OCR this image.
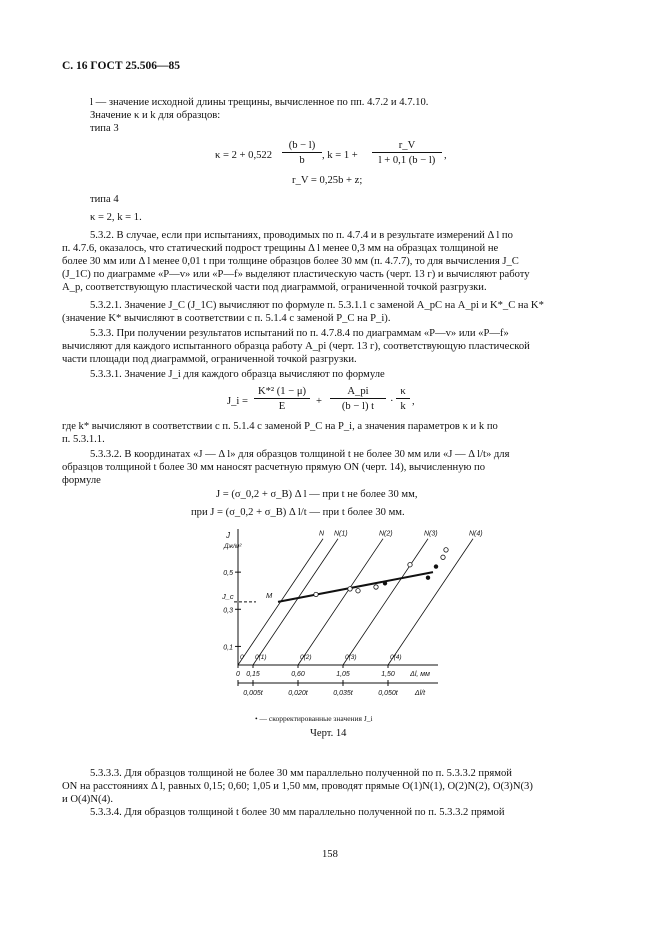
С. 16 ГОСТ 25.506—85
l — значение исходной длины трещины, вычисленное по пп. 4.7.2 и 4.7.10.
Значение κ и k для образцов:
типа 3
κ = 2 + 0,522
(b − l)
b	, k = 1 +
r_V
l + 0,1 (b − l) ,
r_V = 0,25b + z;
типа 4
κ = 2, k = 1.
5.3.2. В случае, если при испытаниях, проводимых по п. 4.7.4 и в результате измерений Δ l по
п. 4.7.6, оказалось, что статический подрост трещины Δ l менее 0,3 мм на образцах толщиной не
более 30 мм или Δ l менее 0,01 t при толщине образцов более 30 мм (п. 4.7.7), то для вычисления J_C
(J_1C) по диаграмме «P—v» или «P—f» выделяют пластическую часть (черт. 13 г) и вычисляют работу
A_p, соответствующую пластической части под диаграммой, ограниченной точкой разгрузки.
5.3.2.1. Значение J_C (J_1C) вычисляют по формуле п. 5.3.1.1 с заменой A_pC на A_pi и K*_C на K*
(значение K* вычисляют в соответствии с п. 5.1.4 с заменой P_C на P_i).
5.3.3. При получении результатов испытаний по п. 4.7.8.4 по диаграммам «P—v» или «P—f»
вычисляют для каждого испытанного образца работу A_pi (черт. 13 г), соответствующую пластической
части площади под диаграммой, ограниченной точкой разгрузки.
5.3.3.1. Значение J_i для каждого образца вычисляют по формуле
J_i =
K*² (1 − μ)
E	+
A_pi
(b − l) t	·
κ
k ,
где k* вычисляют в соответствии с п. 5.1.4 с заменой P_C на P_i, а значения параметров κ и k по
п. 5.3.1.1.
5.3.3.2. В координатах «J — Δ l» для образцов толщиной t не более 30 мм или «J — Δ l/t» для
образцов толщиной t более 30 мм наносят расчетную прямую ON (черт. 14), вычисленную по
формуле
J = (σ_0,2 + σ_B) Δ l — при t не более 30 мм,
при J = (σ_0,2 + σ_B) Δ l/t — при t более 30 мм.
0,1
0,3
0,5
J
Дж/м²
J_c
N
0
N(1)
0(1)
N(2)
0(2)
N(3)
0(3)
N(4)
0(4)
M
0 0,15	0,60	1,05	1,50 Δl, мм
0,005t	0,020t	0,035t	0,050t Δl/t
• — скорректированные значения J_i
Черт. 14
5.3.3.3. Для образцов толщиной не более 30 мм параллельно полученной по п. 5.3.3.2 прямой
ON на расстояниях Δ l, равных 0,15; 0,60; 1,05 и 1,50 мм, проводят прямые O(1)N(1), O(2)N(2), O(3)N(3)
и O(4)N(4).
5.3.3.4. Для образцов толщиной t более 30 мм параллельно полученной по п. 5.3.3.2 прямой
158
